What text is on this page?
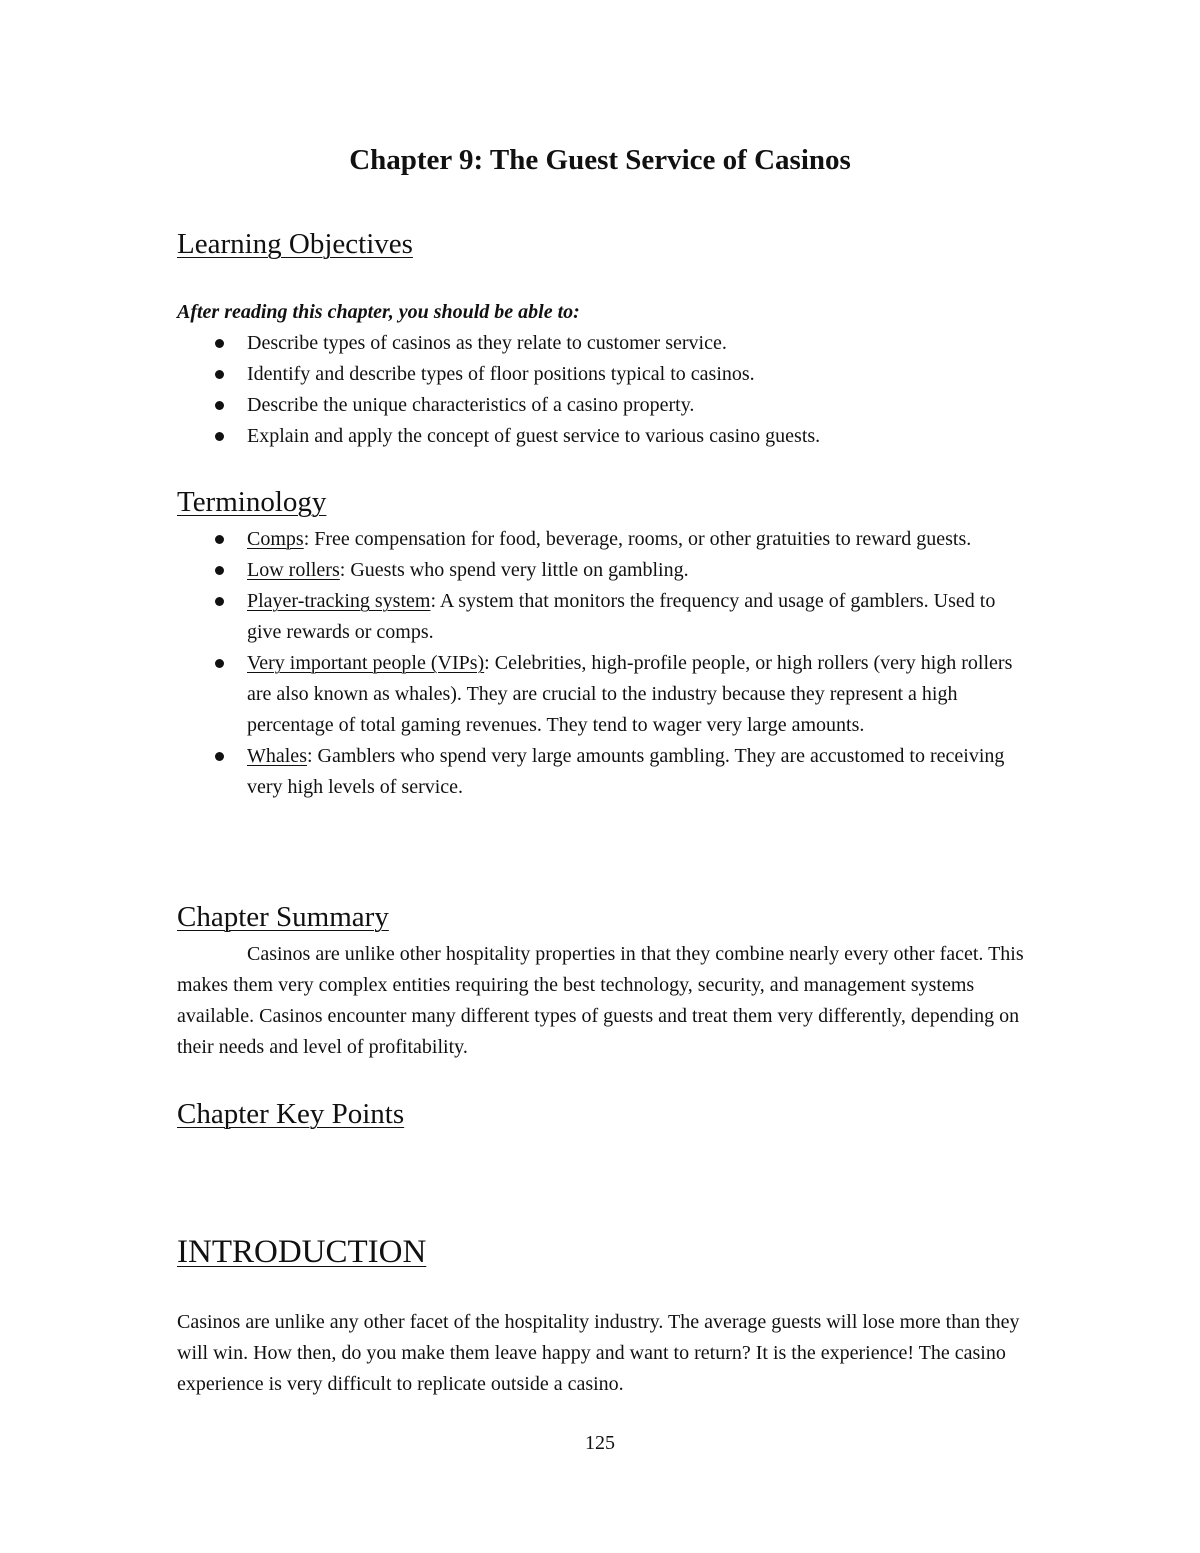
Chapter 9: The Guest Service of Casinos
Learning Objectives
After reading this chapter, you should be able to:
Describe types of casinos as they relate to customer service.
Identify and describe types of floor positions typical to casinos.
Describe the unique characteristics of a casino property.
Explain and apply the concept of guest service to various casino guests.
Terminology
Comps: Free compensation for food, beverage, rooms, or other gratuities to reward guests.
Low rollers: Guests who spend very little on gambling.
Player-tracking system: A system that monitors the frequency and usage of gamblers. Used to give rewards or comps.
Very important people (VIPs): Celebrities, high-profile people, or high rollers (very high rollers are also known as whales). They are crucial to the industry because they represent a high percentage of total gaming revenues. They tend to wager very large amounts.
Whales: Gamblers who spend very large amounts gambling. They are accustomed to receiving very high levels of service.
Chapter Summary

Casinos are unlike other hospitality properties in that they combine nearly every other facet. This makes them very complex entities requiring the best technology, security, and management systems available. Casinos encounter many different types of guests and treat them very differently, depending on their needs and level of profitability.

Chapter Key Points
INTRODUCTION

Casinos are unlike any other facet of the hospitality industry. The average guests will lose more than they will win. How then, do you make them leave happy and want to return? It is the experience! The casino experience is very difficult to replicate outside a casino.

125
